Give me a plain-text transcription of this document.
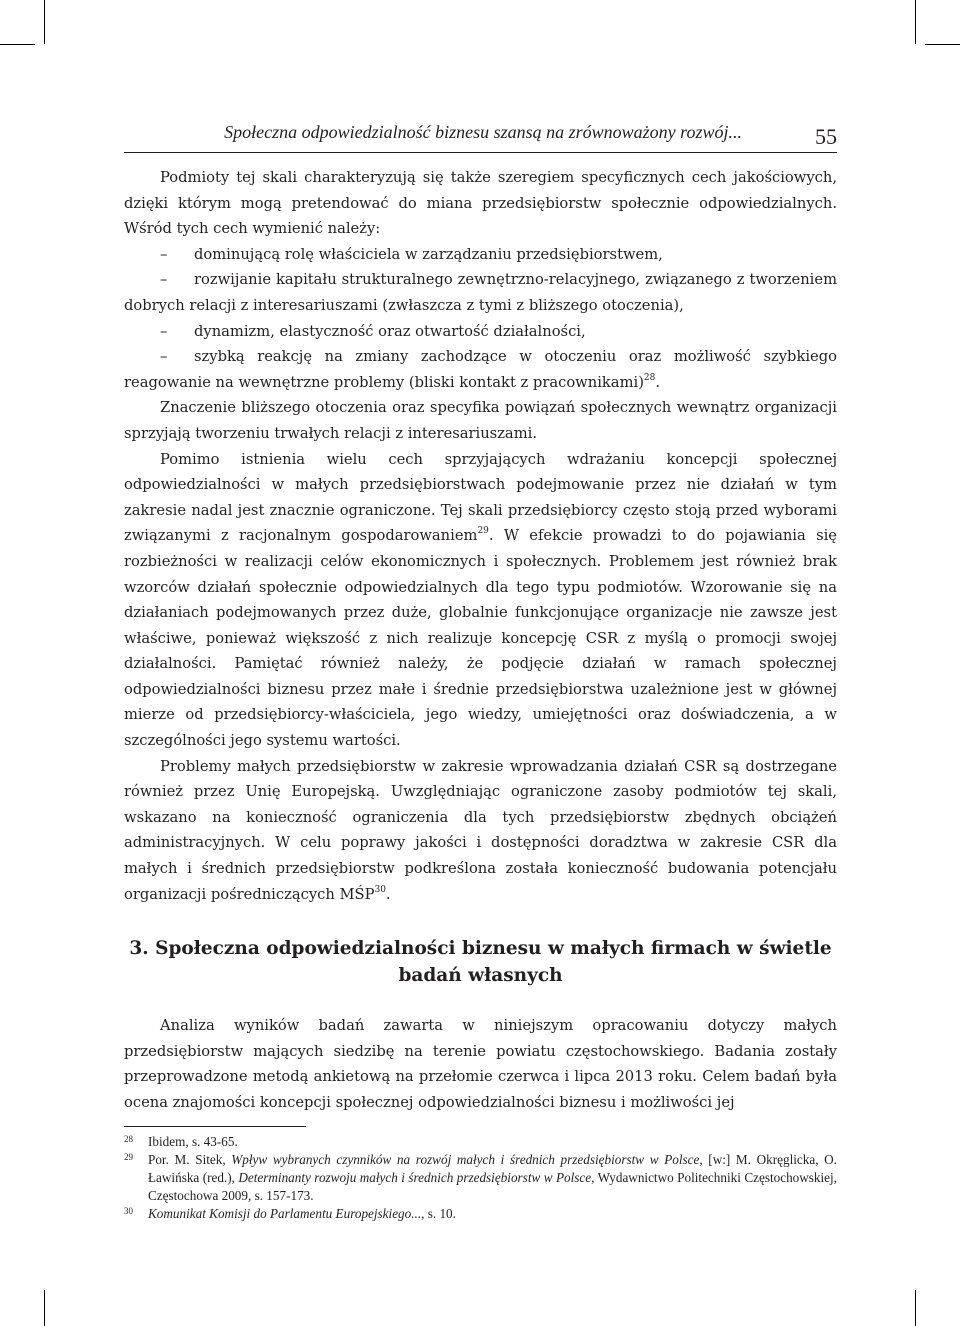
Społeczna odpowiedzialność biznesu szansą na zrównoważony rozwój...	55

Podmioty tej skali charakteryzują się także szeregiem specyficznych cech jakościowych, dzięki którym mogą pretendować do miana przedsiębiorstw społecznie odpowiedzialnych. Wśród tych cech wymienić należy:

– dominującą rolę właściciela w zarządzaniu przedsiębiorstwem,
– rozwijanie kapitału strukturalnego zewnętrzno-relacyjnego, związanego z tworzeniem dobrych relacji z interesariuszami (zwłaszcza z tymi z bliższego otoczenia),
– dynamizm, elastyczność oraz otwartość działalności,
– szybką reakcję na zmiany zachodzące w otoczeniu oraz możliwość szybkiego reagowanie na wewnętrzne problemy (bliski kontakt z pracownikami)$^{28}$.

Znaczenie bliższego otoczenia oraz specyfika powiązań społecznych wewnątrz organizacji sprzyjają tworzeniu trwałych relacji z interesariuszami.

Pomimo istnienia wielu cech sprzyjających wdrażaniu koncepcji społecznej odpowiedzialności w małych przedsiębiorstwach podejmowanie przez nie działań w tym zakresie nadal jest znacznie ograniczone. Tej skali przedsiębiorcy często stoją przed wyborami związanymi z racjonalnym gospodarowaniem$^{29}$. W efekcie prowadzi to do pojawiania się rozbieżności w realizacji celów ekonomicznych i społecznych. Problemem jest również brak wzorców działań społecznie odpowiedzialnych dla tego typu podmiotów. Wzorowanie się na działaniach podejmowanych przez duże, globalnie funkcjonujące organizacje nie zawsze jest właściwe, ponieważ większość z nich realizuje koncepcję CSR z myślą o promocji swojej działalności. Pamiętać również należy, że podjęcie działań w ramach społecznej odpowiedzialności biznesu przez małe i średnie przedsiębiorstwa uzależnione jest w głównej mierze od przedsiębiorcy-właściciela, jego wiedzy, umiejętności oraz doświadczenia, a w szczególności jego systemu wartości.

Problemy małych przedsiębiorstw w zakresie wprowadzania działań CSR są dostrzegane również przez Unię Europejską. Uwzględniając ograniczone zasoby podmiotów tej skali, wskazano na konieczność ograniczenia dla tych przedsiębiorstw zbędnych obciążeń administracyjnych. W celu poprawy jakości i dostępności doradztwa w zakresie CSR dla małych i średnich przedsiębiorstw podkreślona została konieczność budowania potencjału organizacji pośredniczących MŚP$^{30}$.

3. Społeczna odpowiedzialności biznesu w małych firmach w świetle badań własnych

Analiza wyników badań zawarta w niniejszym opracowaniu dotyczy małych przedsiębiorstw mających siedzibę na terenie powiatu częstochowskiego. Badania zostały przeprowadzone metodą ankietową na przełomie czerwca i lipca 2013 roku. Celem badań była ocena znajomości koncepcji społecznej odpowiedzialności biznesu i możliwości jej

28 Ibidem, s. 43-65.
29 Por. M. Sitek, Wpływ wybranych czynników na rozwój małych i średnich przedsiębiorstw w Polsce, [w:] M. Okręglicka, O. Ławińska (red.), Determinanty rozwoju małych i średnich przedsiębiorstw w Polsce, Wydawnictwo Politechniki Częstochowskiej, Częstochowa 2009, s. 157-173.
30 Komunikat Komisji do Parlamentu Europejskiego..., s. 10.
